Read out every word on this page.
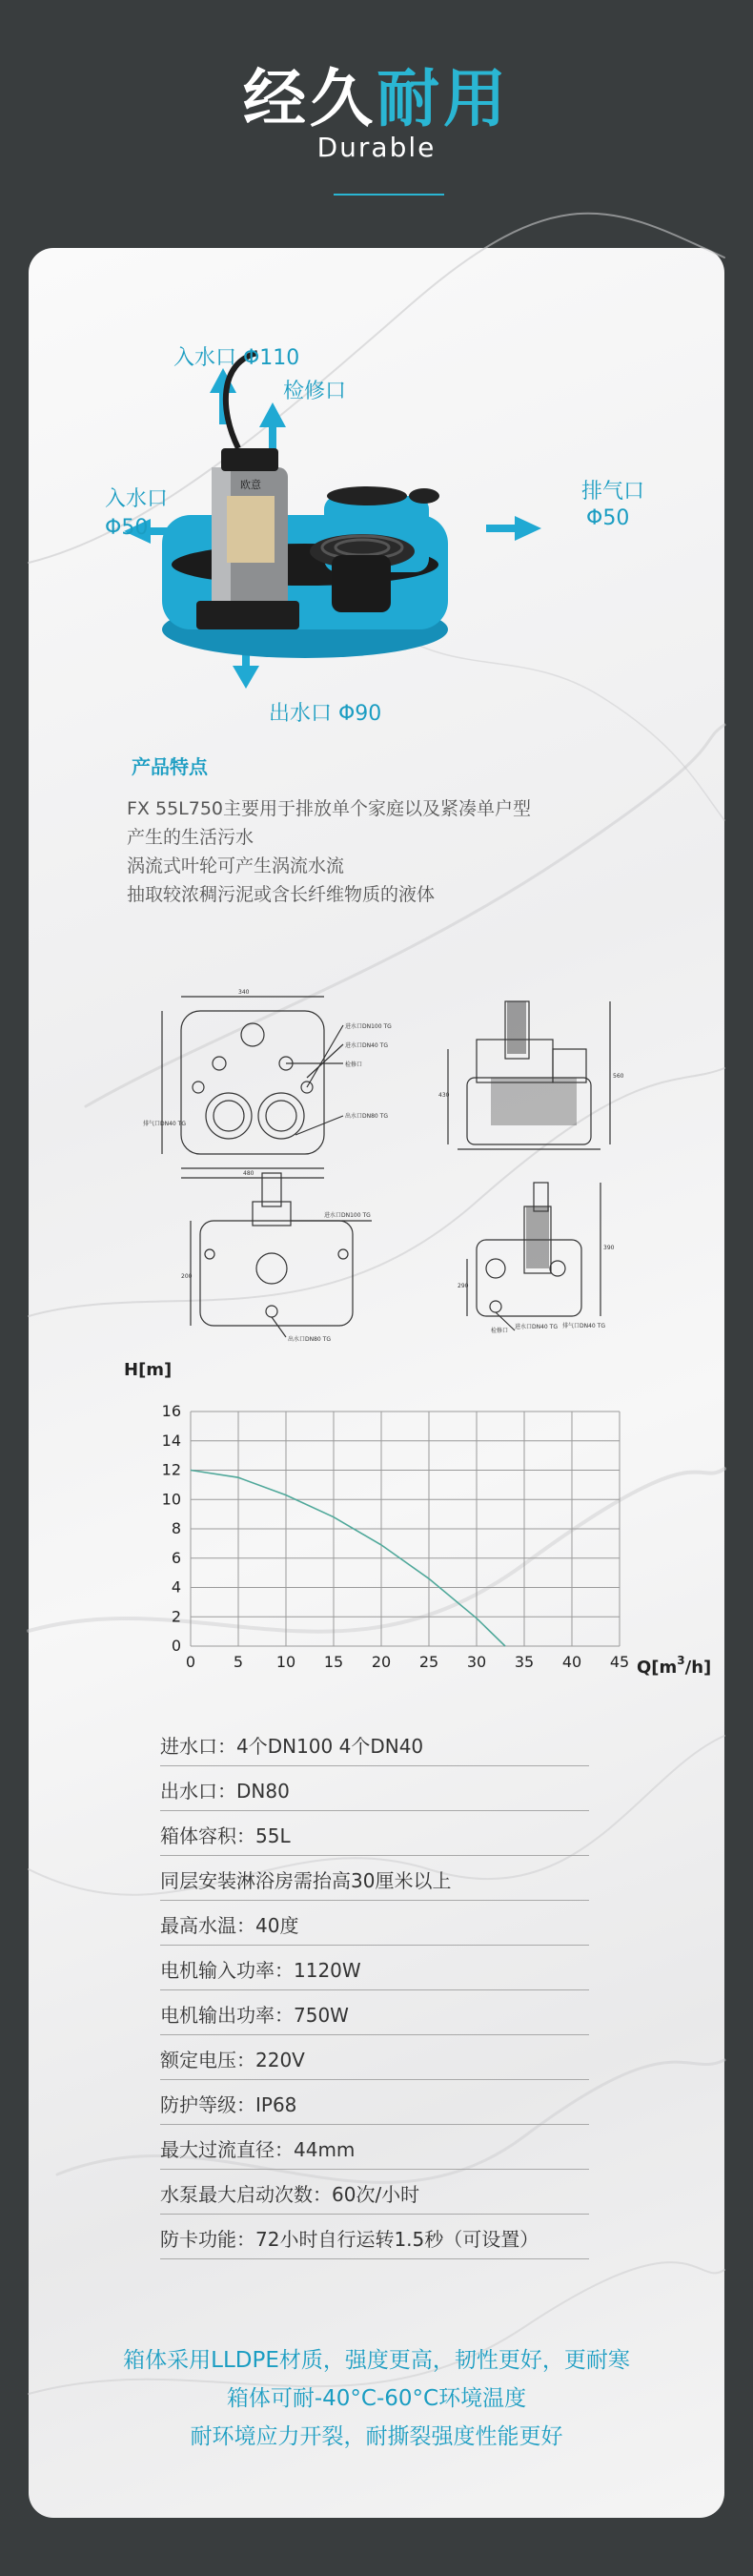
经久耐用
Durable
欧意
入水口 Φ110
检修口
入水口
Φ50
排气口
Φ50
出水口 Φ90
产品特点
FX 55L750主要用于排放单个家庭以及紧凑单户型
产生的生活污水
涡流式叶轮可产生涡流水流
抽取较浓稠污泥或含长纤维物质的液体
进水口DN100 TG
进水口DN40 TG
检修口
出水口DN80 TG
排气口DN40 TG
480
340
560
430
进水口DN100 TG
出水口DN80 TG
200
检修口
进水口DN40 TG 排气口DN40 TG
390
290
H[m]
$Q[m^3/h]$
0 5 10 15 20 25 30 35 40 45
0
2
4
6
8
10
12
14
16
进水口：4个DN100 4个DN40
出水口：DN80
箱体容积：55L
同层安装淋浴房需抬高30厘米以上
最高水温：40度
电机输入功率：1120W
电机输出功率：750W
额定电压：220V
防护等级：IP68
最大过流直径：44mm
水泵最大启动次数：60次/小时
防卡功能：72小时自行运转1.5秒（可设置）
箱体采用LLDPE材质，强度更高，韧性更好，更耐寒
箱体可耐-40°C-60°C环境温度
耐环境应力开裂，耐撕裂强度性能更好
